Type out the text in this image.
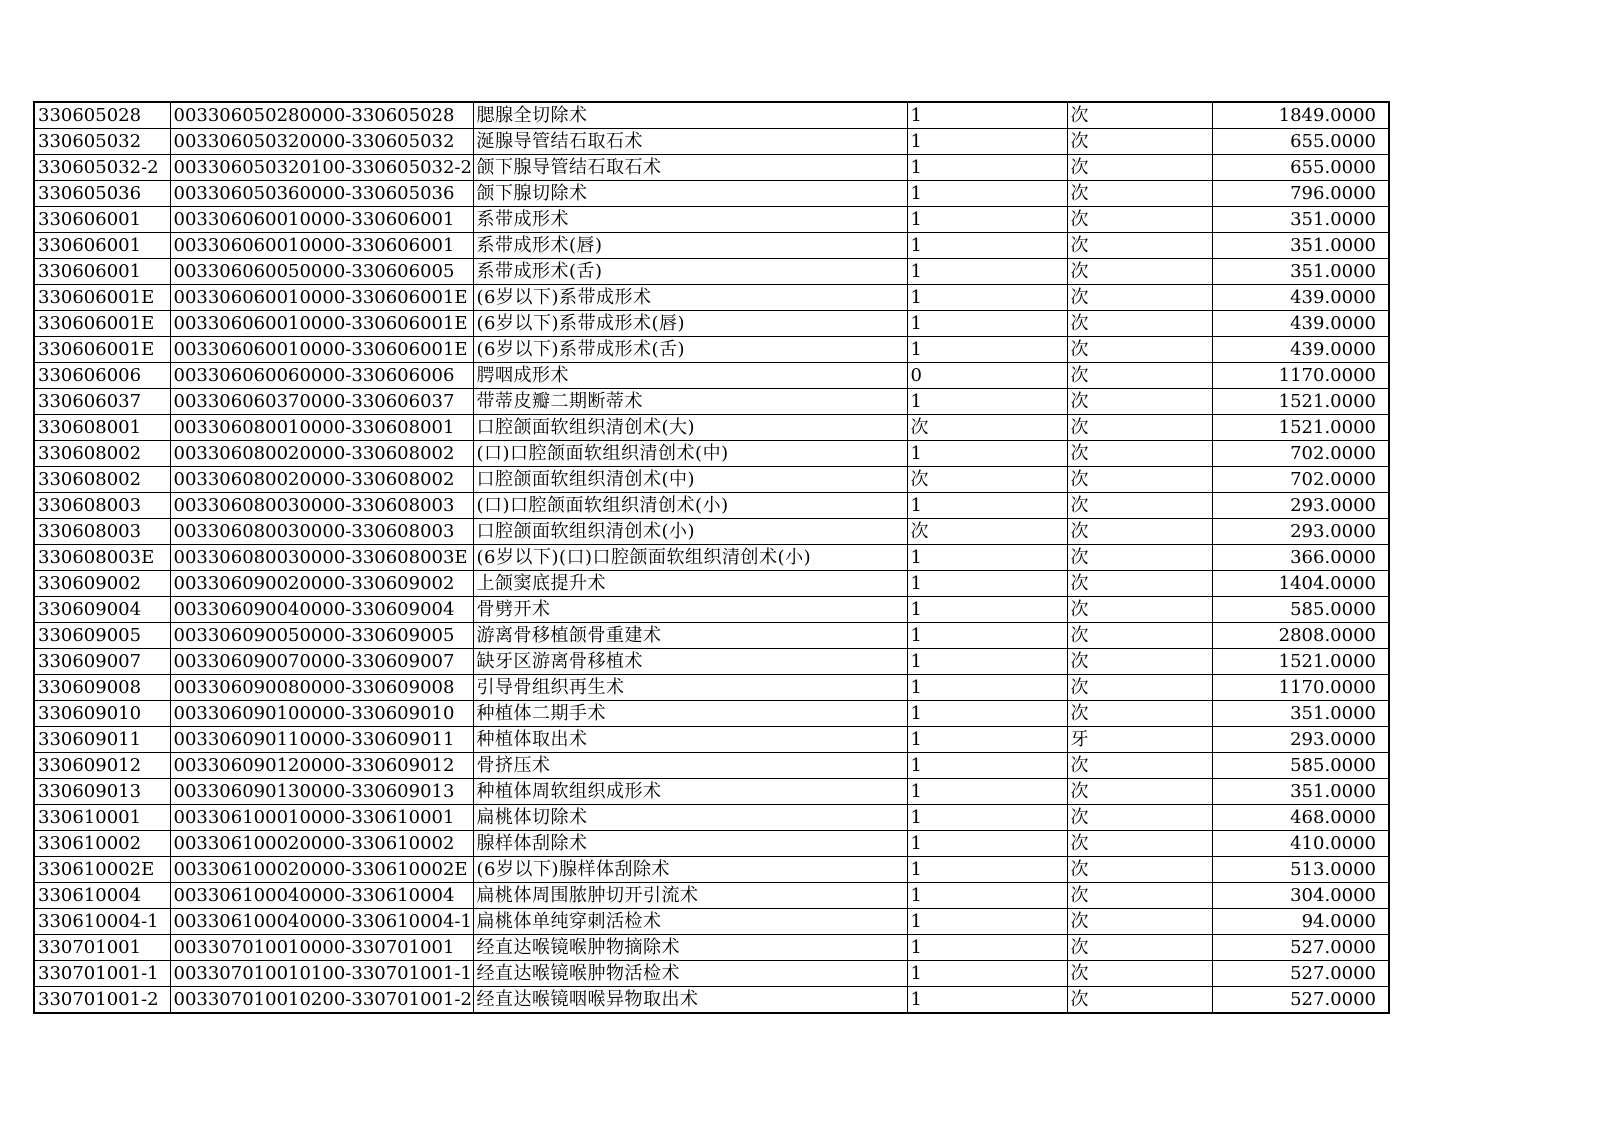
330605028	003306050280000-330605028	腮腺全切除术	1	次	1849.0000
330605032	003306050320000-330605032	涎腺导管结石取石术	1	次	655.0000
330605032-2	003306050320100-330605032-2	颌下腺导管结石取石术	1	次	655.0000
330605036	003306050360000-330605036	颌下腺切除术	1	次	796.0000
330606001	003306060010000-330606001	系带成形术	1	次	351.0000
330606001	003306060010000-330606001	系带成形术(唇)	1	次	351.0000
330606001	003306060050000-330606005	系带成形术(舌)	1	次	351.0000
330606001E	003306060010000-330606001E	(6岁以下)系带成形术	1	次	439.0000
330606001E	003306060010000-330606001E	(6岁以下)系带成形术(唇)	1	次	439.0000
330606001E	003306060010000-330606001E	(6岁以下)系带成形术(舌)	1	次	439.0000
330606006	003306060060000-330606006	腭咽成形术	0	次	1170.0000
330606037	003306060370000-330606037	带蒂皮瓣二期断蒂术	1	次	1521.0000
330608001	003306080010000-330608001	口腔颌面软组织清创术(大)	次	次	1521.0000
330608002	003306080020000-330608002	(口)口腔颌面软组织清创术(中)	1	次	702.0000
330608002	003306080020000-330608002	口腔颌面软组织清创术(中)	次	次	702.0000
330608003	003306080030000-330608003	(口)口腔颌面软组织清创术(小)	1	次	293.0000
330608003	003306080030000-330608003	口腔颌面软组织清创术(小)	次	次	293.0000
330608003E	003306080030000-330608003E	(6岁以下)(口)口腔颌面软组织清创术(小)	1	次	366.0000
330609002	003306090020000-330609002	上颌窦底提升术	1	次	1404.0000
330609004	003306090040000-330609004	骨劈开术	1	次	585.0000
330609005	003306090050000-330609005	游离骨移植颌骨重建术	1	次	2808.0000
330609007	003306090070000-330609007	缺牙区游离骨移植术	1	次	1521.0000
330609008	003306090080000-330609008	引导骨组织再生术	1	次	1170.0000
330609010	003306090100000-330609010	种植体二期手术	1	次	351.0000
330609011	003306090110000-330609011	种植体取出术	1	牙	293.0000
330609012	003306090120000-330609012	骨挤压术	1	次	585.0000
330609013	003306090130000-330609013	种植体周软组织成形术	1	次	351.0000
330610001	003306100010000-330610001	扁桃体切除术	1	次	468.0000
330610002	003306100020000-330610002	腺样体刮除术	1	次	410.0000
330610002E	003306100020000-330610002E	(6岁以下)腺样体刮除术	1	次	513.0000
330610004	003306100040000-330610004	扁桃体周围脓肿切开引流术	1	次	304.0000
330610004-1	003306100040000-330610004-1	扁桃体单纯穿刺活检术	1	次	94.0000
330701001	003307010010000-330701001	经直达喉镜喉肿物摘除术	1	次	527.0000
330701001-1	003307010010100-330701001-1	经直达喉镜喉肿物活检术	1	次	527.0000
330701001-2	003307010010200-330701001-2	经直达喉镜咽喉异物取出术	1	次	527.0000
